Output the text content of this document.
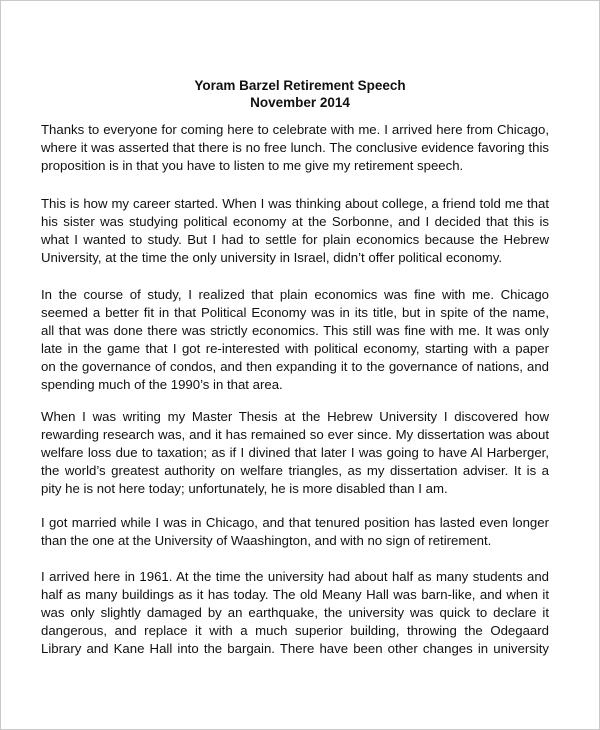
Yoram Barzel Retirement Speech
November 2014

Thanks to everyone for coming here to celebrate with me. I arrived here from Chicago,
where it was asserted that there is no free lunch. The conclusive evidence favoring this
proposition is in that you have to listen to me give my retirement speech.

This is how my career started. When I was thinking about college, a friend told me that
his sister was studying political economy at the Sorbonne, and I decided that this is
what I wanted to study. But I had to settle for plain economics because the Hebrew
University, at the time the only university in Israel, didn’t offer political economy.

In the course of study, I realized that plain economics was fine with me. Chicago
seemed a better fit in that Political Economy was in its title, but in spite of the name,
all that was done there was strictly economics. This still was fine with me. It was only
late in the game that I got re-interested with political economy, starting with a paper
on the governance of condos, and then expanding it to the governance of nations, and
spending much of the 1990’s in that area.

When I was writing my Master Thesis at the Hebrew University I discovered how
rewarding research was, and it has remained so ever since. My dissertation was about
welfare loss due to taxation; as if I divined that later I was going to have Al Harberger,
the world’s greatest authority on welfare triangles, as my dissertation adviser. It is a
pity he is not here today; unfortunately, he is more disabled than I am.

I got married while I was in Chicago, and that tenured position has lasted even longer
than the one at the University of Waashington, and with no sign of retirement.

I arrived here in 1961. At the time the university had about half as many students and
half as many buildings as it has today. The old Meany Hall was barn-like, and when it
was only slightly damaged by an earthquake, the university was quick to declare it
dangerous, and replace it with a much superior building, throwing the Odegaard
Library and Kane Hall into the bargain. There have been other changes in university
